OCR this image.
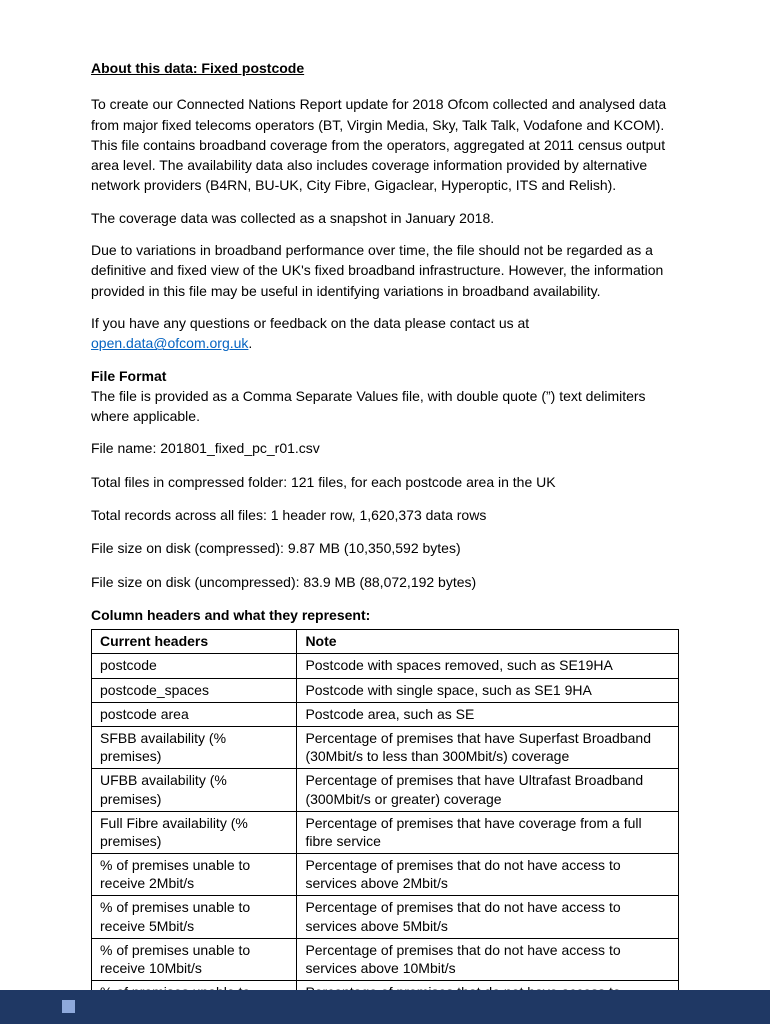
About this data: Fixed postcode

To create our Connected Nations Report update for 2018 Ofcom collected and analysed data from major fixed telecoms operators (BT, Virgin Media, Sky, Talk Talk, Vodafone and KCOM). This file contains broadband coverage from the operators, aggregated at 2011 census output area level. The availability data also includes coverage information provided by alternative network providers (B4RN, BU-UK, City Fibre, Gigaclear, Hyperoptic, ITS and Relish).

The coverage data was collected as a snapshot in January 2018.

Due to variations in broadband performance over time, the file should not be regarded as a definitive and fixed view of the UK's fixed broadband infrastructure. However, the information provided in this file may be useful in identifying variations in broadband availability.

If you have any questions or feedback on the data please contact us at open.data@ofcom.org.uk.

File Format

The file is provided as a Comma Separate Values file, with double quote (”) text delimiters where applicable.

File name: 201801_fixed_pc_r01.csv

Total files in compressed folder: 121 files, for each postcode area in the UK

Total records across all files: 1 header row, 1,620,373 data rows

File size on disk (compressed): 9.87 MB (10,350,592 bytes)

File size on disk (uncompressed): 83.9 MB (88,072,192 bytes)

Column headers and what they represent:
Current headers	Note
postcode	Postcode with spaces removed, such as SE19HA
postcode_spaces	Postcode with single space, such as SE1 9HA
postcode area	Postcode area, such as SE
SFBB availability (% premises)	Percentage of premises that have Superfast Broadband (30Mbit/s to less than 300Mbit/s) coverage
UFBB availability (% premises)	Percentage of premises that have Ultrafast Broadband (300Mbit/s or greater) coverage
Full Fibre availability (% premises)	Percentage of premises that have coverage from a full fibre service
% of premises unable to receive 2Mbit/s	Percentage of premises that do not have access to services above 2Mbit/s
% of premises unable to receive 5Mbit/s	Percentage of premises that do not have access to services above 5Mbit/s
% of premises unable to receive 10Mbit/s	Percentage of premises that do not have access to services above 10Mbit/s
